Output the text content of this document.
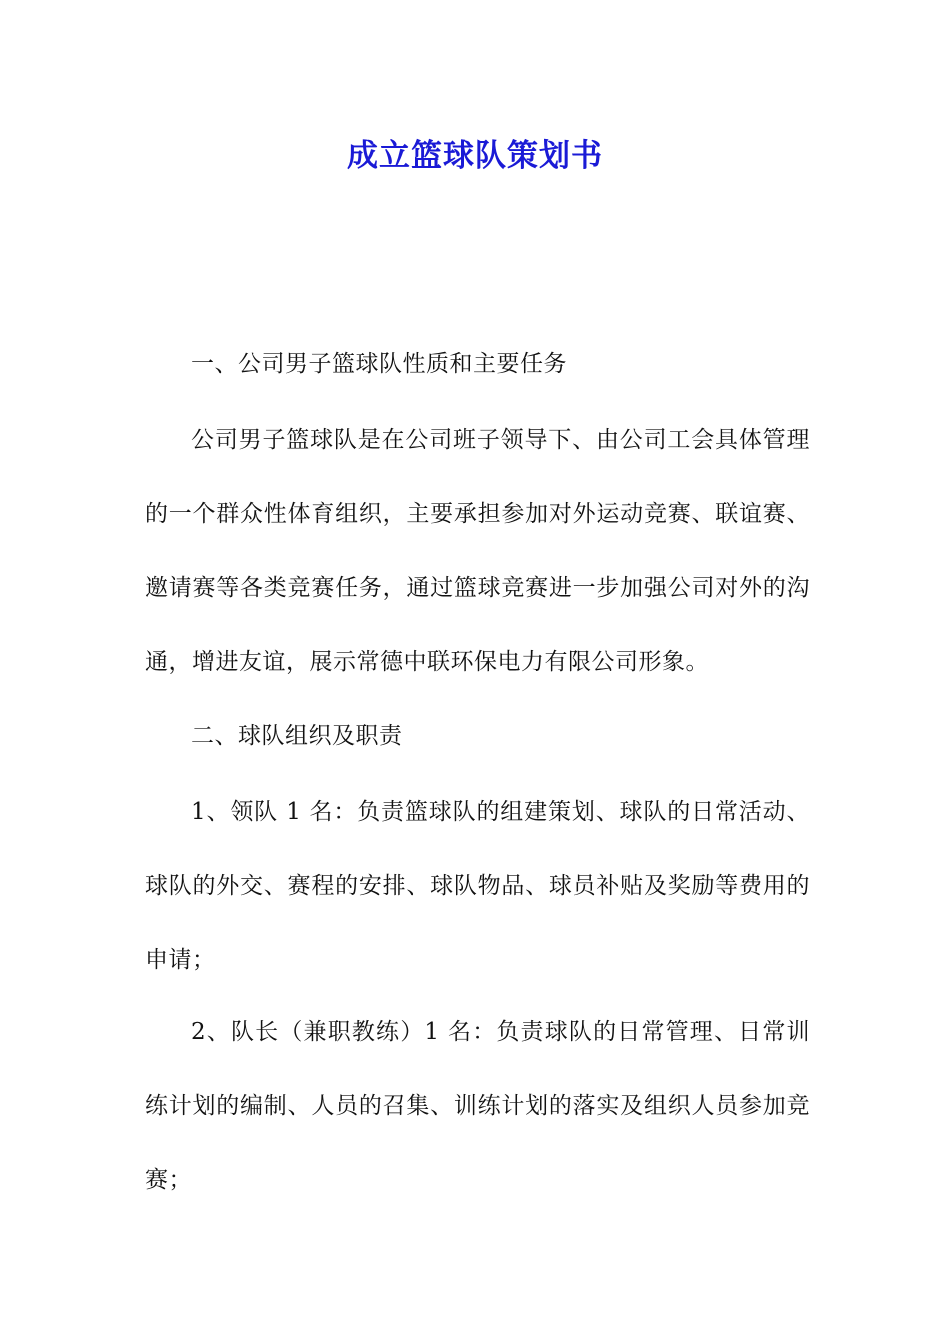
成立篮球队策划书

一、公司男子篮球队性质和主要任务

公司男子篮球队是在公司班子领导下、由公司工会具体管理的一个群众性体育组织，主要承担参加对外运动竞赛、联谊赛、邀请赛等各类竞赛任务，通过篮球竞赛进一步加强公司对外的沟通，增进友谊，展示常德中联环保电力有限公司形象。

二、球队组织及职责

1、领队 1 名：负责篮球队的组建策划、球队的日常活动、球队的外交、赛程的安排、球队物品、球员补贴及奖励等费用的申请；

2、队长（兼职教练）1 名：负责球队的日常管理、日常训练计划的编制、人员的召集、训练计划的落实及组织人员参加竞赛；
